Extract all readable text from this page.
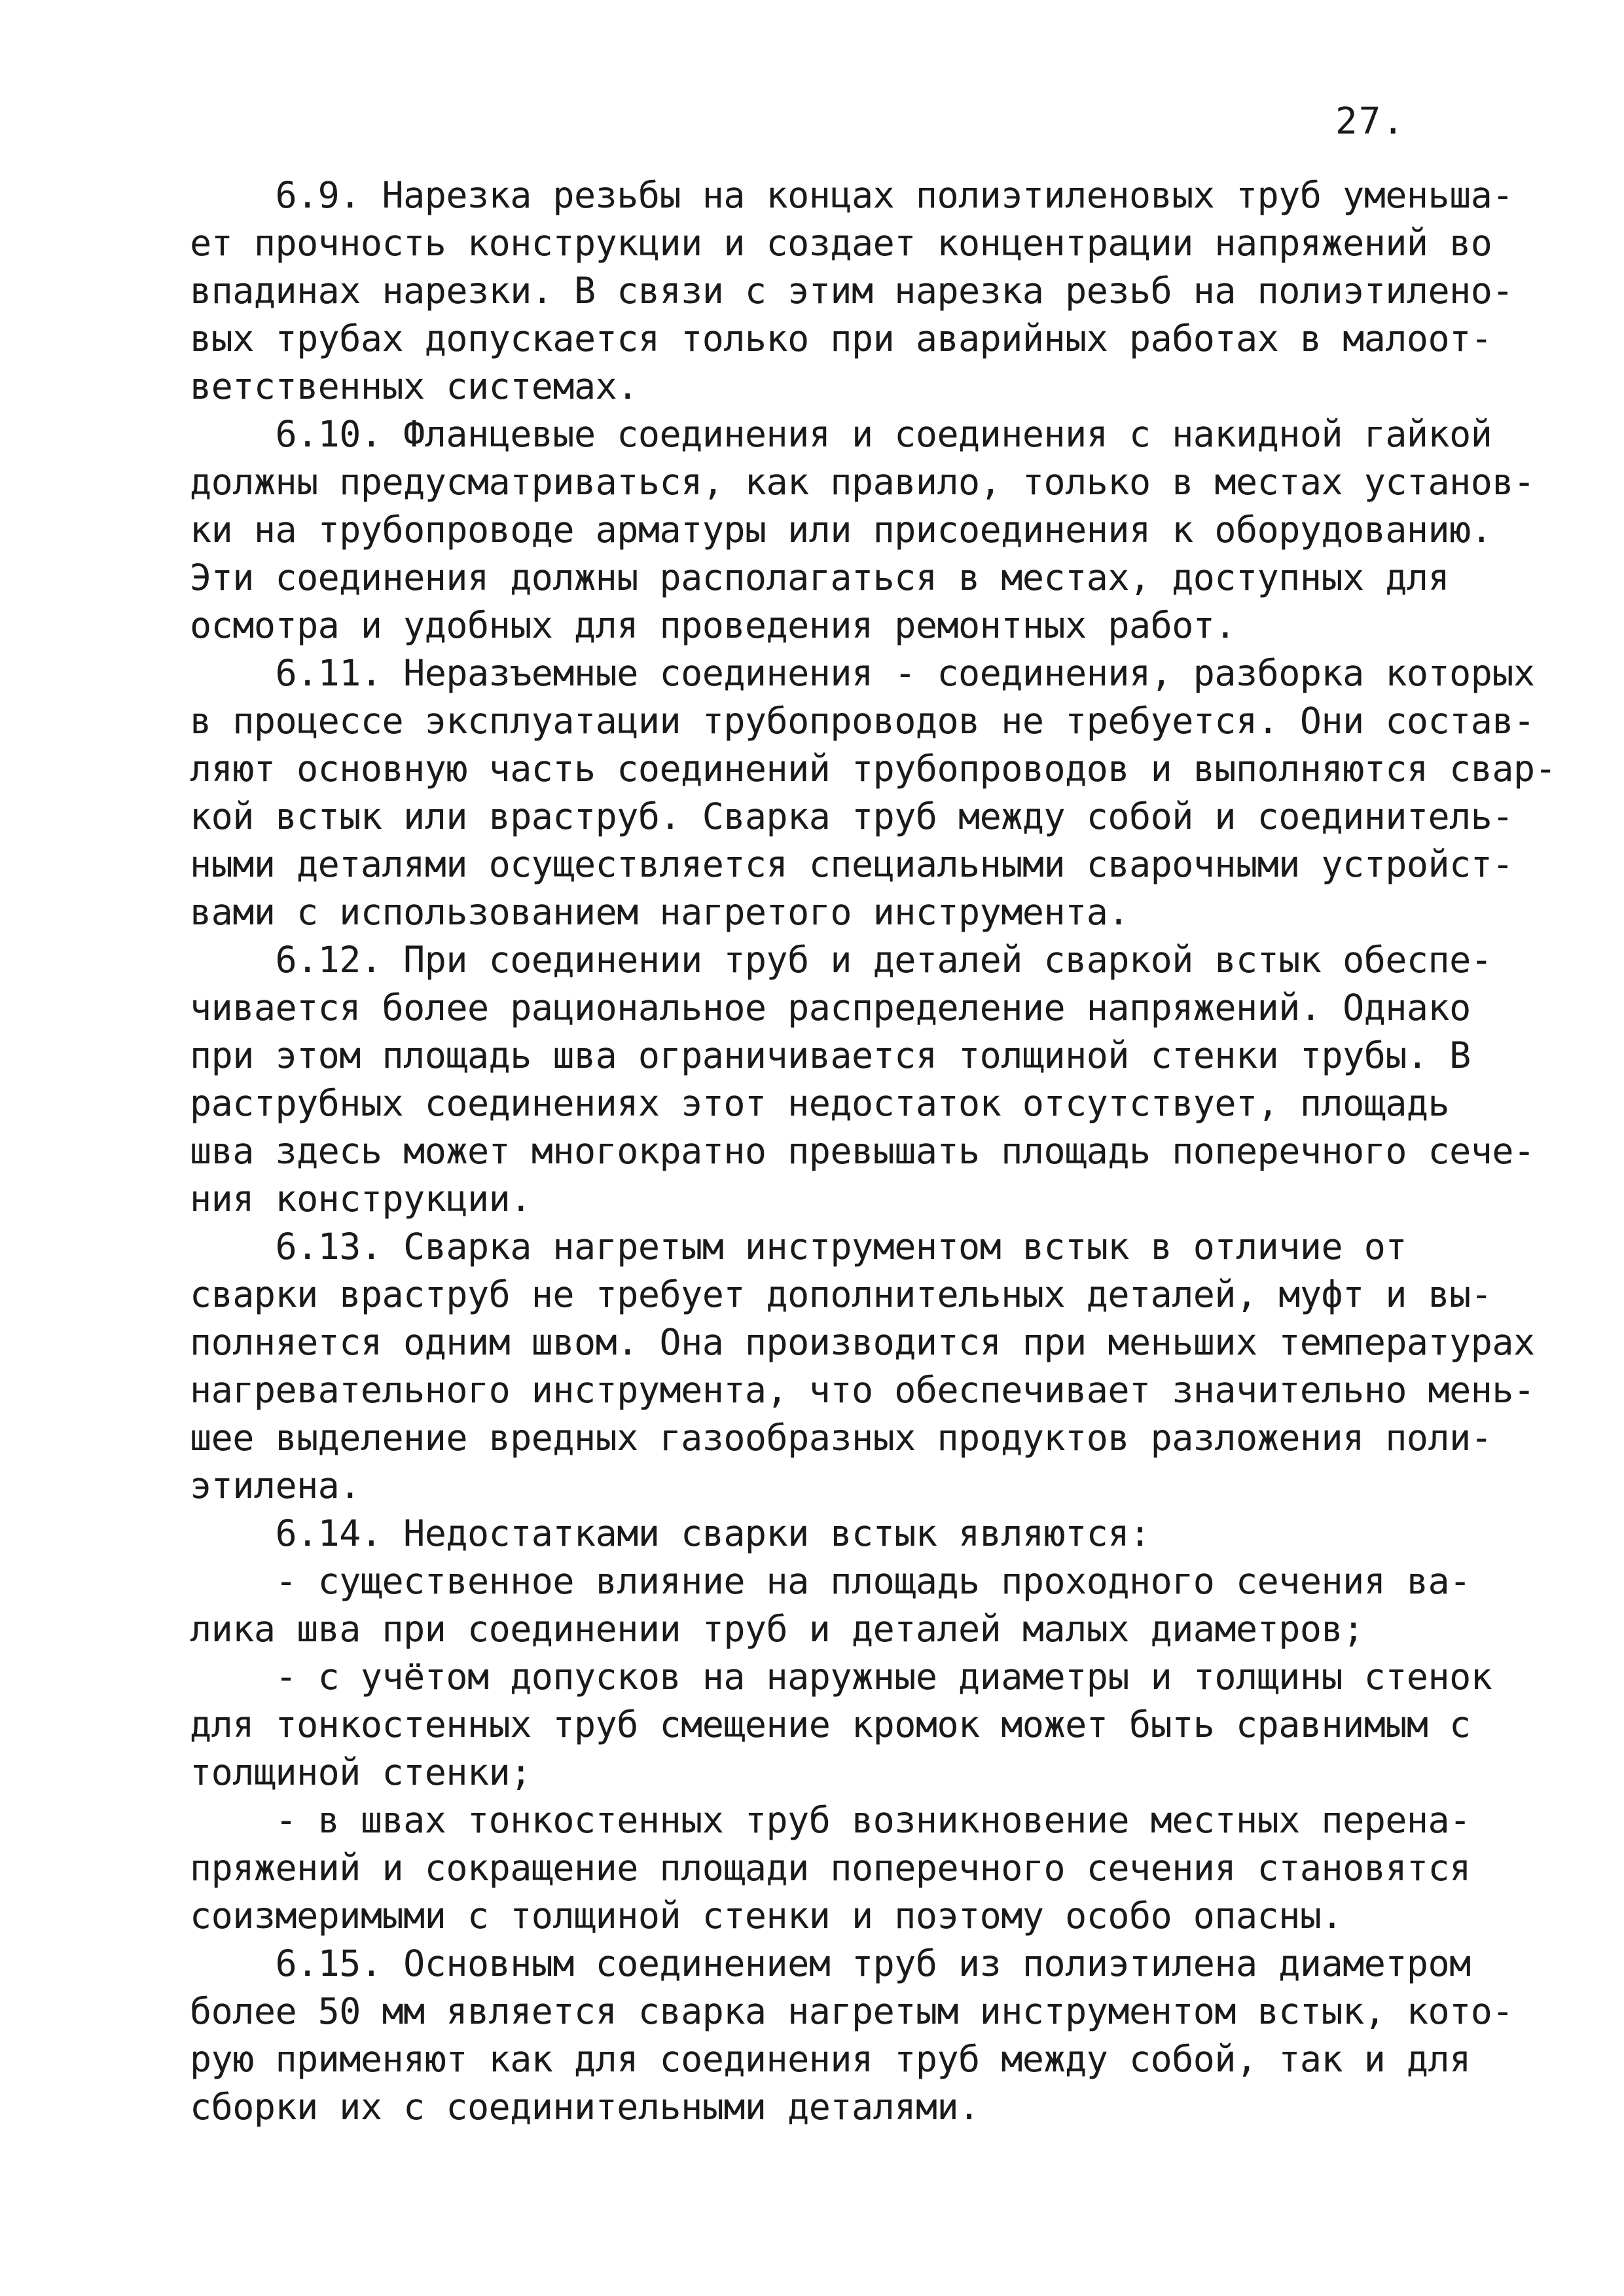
27.
6.9. Нарезка резьбы на концах полиэтиленовых труб уменьша-
ет прочность конструкции и создает концентрации напряжений во
впадинах нарезки. В связи с этим нарезка резьб на полиэтилено-
вых трубах допускается только при аварийных работах в малоот-
ветственных системах.
6.10. Фланцевые соединения и соединения с накидной гайкой
должны предусматриваться, как правило, только в местах установ-
ки на трубопроводе арматуры или присоединения к оборудованию.
Эти соединения должны располагаться в местах, доступных для
осмотра и удобных для проведения ремонтных работ.
6.11. Неразъемные соединения - соединения, разборка которых
в процессе эксплуатации трубопроводов не требуется. Они состав-
ляют основную часть соединений трубопроводов и выполняются свар-
кой встык или враструб. Сварка труб между собой и соединитель-
ными деталями осуществляется специальными сварочными устройст-
вами с использованием нагретого инструмента.
6.12. При соединении труб и деталей сваркой встык обеспе-
чивается более рациональное распределение напряжений. Однако
при этом площадь шва ограничивается толщиной стенки трубы. В
раструбных соединениях этот недостаток отсутствует, площадь
шва здесь может многократно превышать площадь поперечного сече-
ния конструкции.
6.13. Сварка нагретым инструментом встык в отличие от
сварки враструб не требует дополнительных деталей, муфт и вы-
полняется одним швом. Она производится при меньших температурах
нагревательного инструмента, что обеспечивает значительно мень-
шее выделение вредных газообразных продуктов разложения поли-
этилена.
6.14. Недостатками сварки встык являются:
- существенное влияние на площадь проходного сечения ва-
лика шва при соединении труб и деталей малых диаметров;
- с учётом допусков на наружные диаметры и толщины стенок
для тонкостенных труб смещение кромок может быть сравнимым с
толщиной стенки;
- в швах тонкостенных труб возникновение местных перена-
пряжений и сокращение площади поперечного сечения становятся
соизмеримыми с толщиной стенки и поэтому особо опасны.
6.15. Основным соединением труб из полиэтилена диаметром
более 50 мм является сварка нагретым инструментом встык, кото-
рую применяют как для соединения труб между собой, так и для
сборки их с соединительными деталями.
